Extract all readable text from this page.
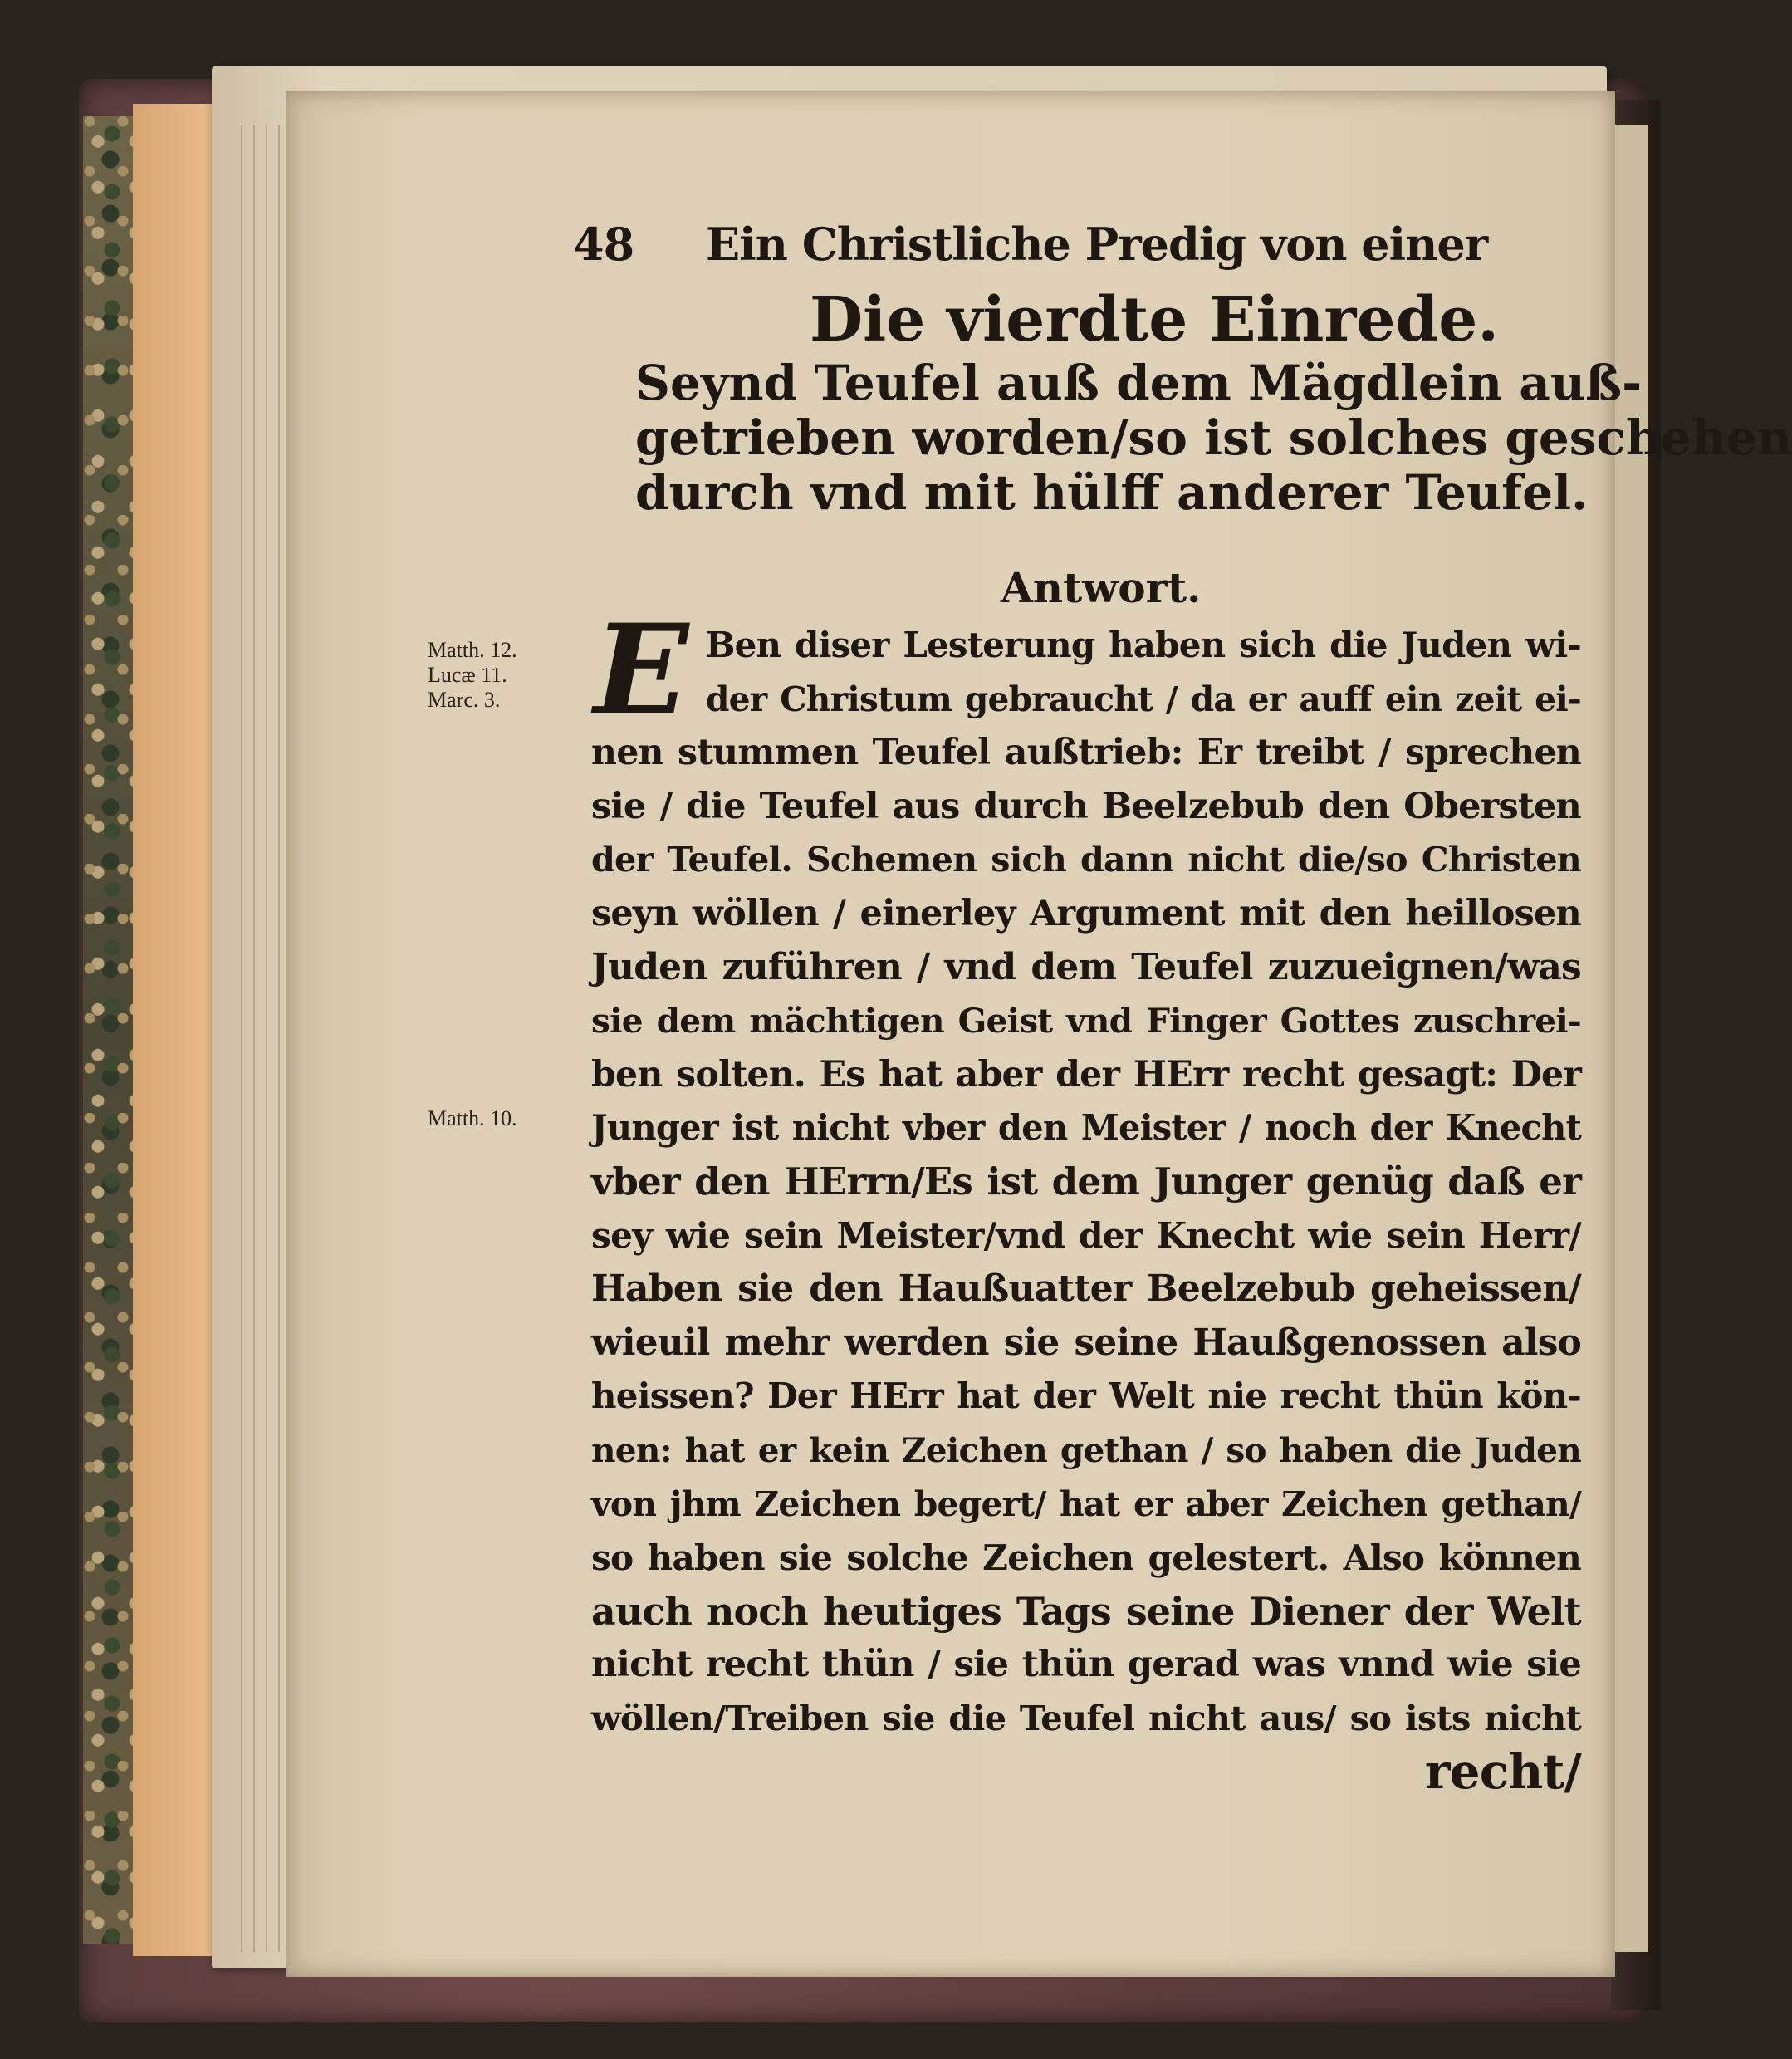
48 Ein Christliche Predig von einer
Die vierdte Einrede.
Seynd Teufel auß dem Mägdlein auß-
getrieben worden/so ist solches geschehen
durch vnd mit hülff anderer Teufel.
Antwort.
E Ben diser Lesterung haben sich die Juden wi-
der Christum gebraucht / da er auff ein zeit ei-
nen stummen Teufel außtrieb: Er treibt / sprechen
sie / die Teufel aus durch Beelzebub den Obersten
der Teufel. Schemen sich dann nicht die/so Christen
seyn wöllen / einerley Argument mit den heillosen
Juden zuführen / vnd dem Teufel zuzueignen/was
sie dem mächtigen Geist vnd Finger Gottes zuschrei-
ben solten. Es hat aber der HErr recht gesagt: Der
Junger ist nicht vber den Meister / noch der Knecht
vber den HErrn/Es ist dem Junger genüg daß er
sey wie sein Meister/vnd der Knecht wie sein Herr/
Haben sie den Haußuatter Beelzebub geheissen/
wieuil mehr werden sie seine Haußgenossen also
heissen? Der HErr hat der Welt nie recht thün kön-
nen: hat er kein Zeichen gethan / so haben die Juden
von jhm Zeichen begert/ hat er aber Zeichen gethan/
so haben sie solche Zeichen gelestert. Also können
auch noch heutiges Tags seine Diener der Welt
nicht recht thün / sie thün gerad was vnnd wie sie
wöllen/Treiben sie die Teufel nicht aus/ so ists nicht
recht/
Matth. 12.
Lucæ 11.
Marc. 3.
Matth. 10.
